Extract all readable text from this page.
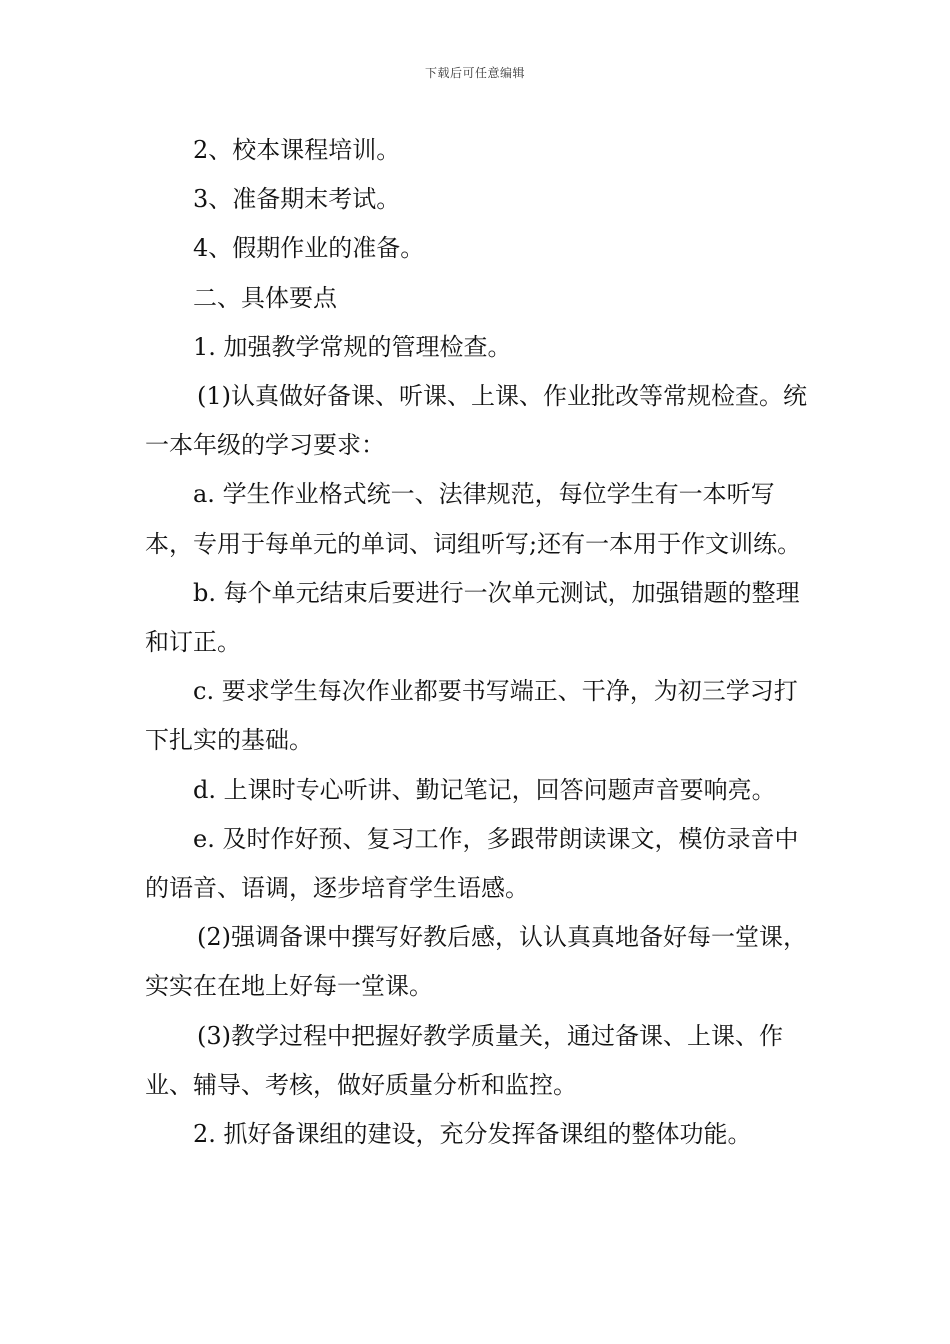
下载后可任意编辑

2、校本课程培训。

3、准备期末考试。

4、假期作业的准备。

二、具体要点

1. 加强教学常规的管理检查。

(1)认真做好备课、听课、上课、作业批改等常规检查。统一本年级的学习要求：

a. 学生作业格式统一、法律规范，每位学生有一本听写本，专用于每单元的单词、词组听写;还有一本用于作文训练。

b. 每个单元结束后要进行一次单元测试，加强错题的整理和订正。

c. 要求学生每次作业都要书写端正、干净，为初三学习打下扎实的基础。

d. 上课时专心听讲、勤记笔记，回答问题声音要响亮。

e. 及时作好预、复习工作，多跟带朗读课文，模仿录音中的语音、语调，逐步培育学生语感。

(2)强调备课中撰写好教后感，认认真真地备好每一堂课，实实在在地上好每一堂课。

(3)教学过程中把握好教学质量关，通过备课、上课、作业、辅导、考核，做好质量分析和监控。

2. 抓好备课组的建设，充分发挥备课组的整体功能。
